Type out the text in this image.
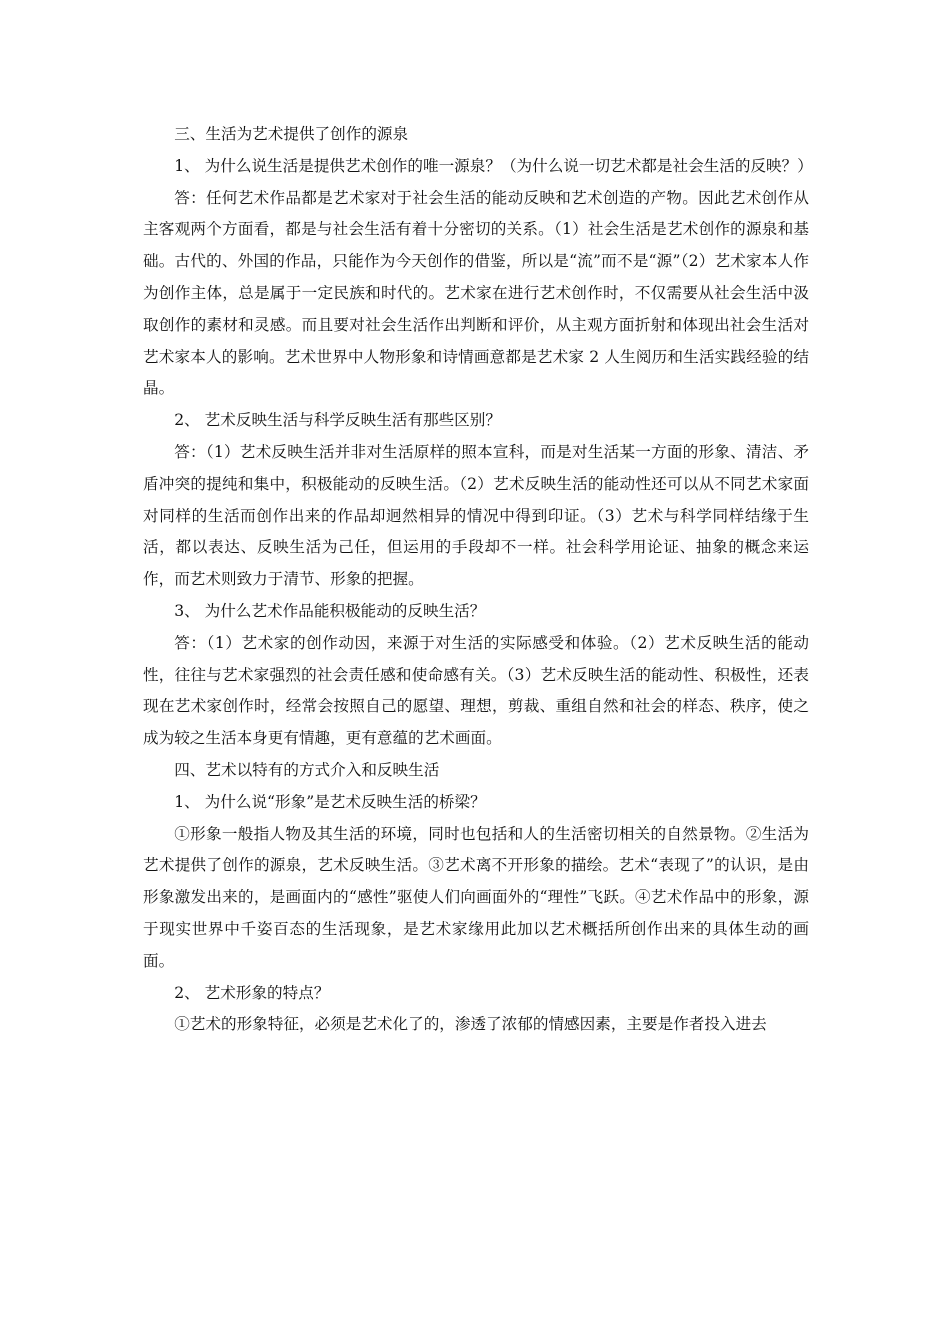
三、生活为艺术提供了创作的源泉

1、 为什么说生活是提供艺术创作的唯一源泉？（为什么说一切艺术都是社会生活的反映？）

答：任何艺术作品都是艺术家对于社会生活的能动反映和艺术创造的产物。因此艺术创作从主客观两个方面看，都是与社会生活有着十分密切的关系。（1）社会生活是艺术创作的源泉和基础。古代的、外国的作品，只能作为今天创作的借鉴，所以是“流”而不是“源”（2）艺术家本人作为创作主体，总是属于一定民族和时代的。艺术家在进行艺术创作时，不仅需要从社会生活中汲取创作的素材和灵感。而且要对社会生活作出判断和评价，从主观方面折射和体现出社会生活对艺术家本人的影响。艺术世界中人物形象和诗情画意都是艺术家 2 人生阅历和生活实践经验的结晶。

2、 艺术反映生活与科学反映生活有那些区别？

答：（1）艺术反映生活并非对生活原样的照本宣科，而是对生活某一方面的形象、清洁、矛盾冲突的提纯和集中，积极能动的反映生活。（2）艺术反映生活的能动性还可以从不同艺术家面对同样的生活而创作出来的作品却迥然相异的情况中得到印证。（3）艺术与科学同样结缘于生活，都以表达、反映生活为己任，但运用的手段却不一样。社会科学用论证、抽象的概念来运作，而艺术则致力于清节、形象的把握。

3、 为什么艺术作品能积极能动的反映生活？

答：（1）艺术家的创作动因，来源于对生活的实际感受和体验。（2）艺术反映生活的能动性，往往与艺术家强烈的社会责任感和使命感有关。（3）艺术反映生活的能动性、积极性，还表现在艺术家创作时，经常会按照自己的愿望、理想，剪裁、重组自然和社会的样态、秩序，使之成为较之生活本身更有情趣，更有意蕴的艺术画面。

四、艺术以特有的方式介入和反映生活

1、 为什么说“形象”是艺术反映生活的桥梁？

①形象一般指人物及其生活的环境，同时也包括和人的生活密切相关的自然景物。②生活为艺术提供了创作的源泉，艺术反映生活。③艺术离不开形象的描绘。艺术“表现了”的认识，是由形象激发出来的，是画面内的“感性”驱使人们向画面外的“理性”飞跃。④艺术作品中的形象，源于现实世界中千姿百态的生活现象，是艺术家缘用此加以艺术概括所创作出来的具体生动的画面。

2、 艺术形象的特点？

①艺术的形象特征，必须是艺术化了的，渗透了浓郁的情感因素，主要是作者投入进去
